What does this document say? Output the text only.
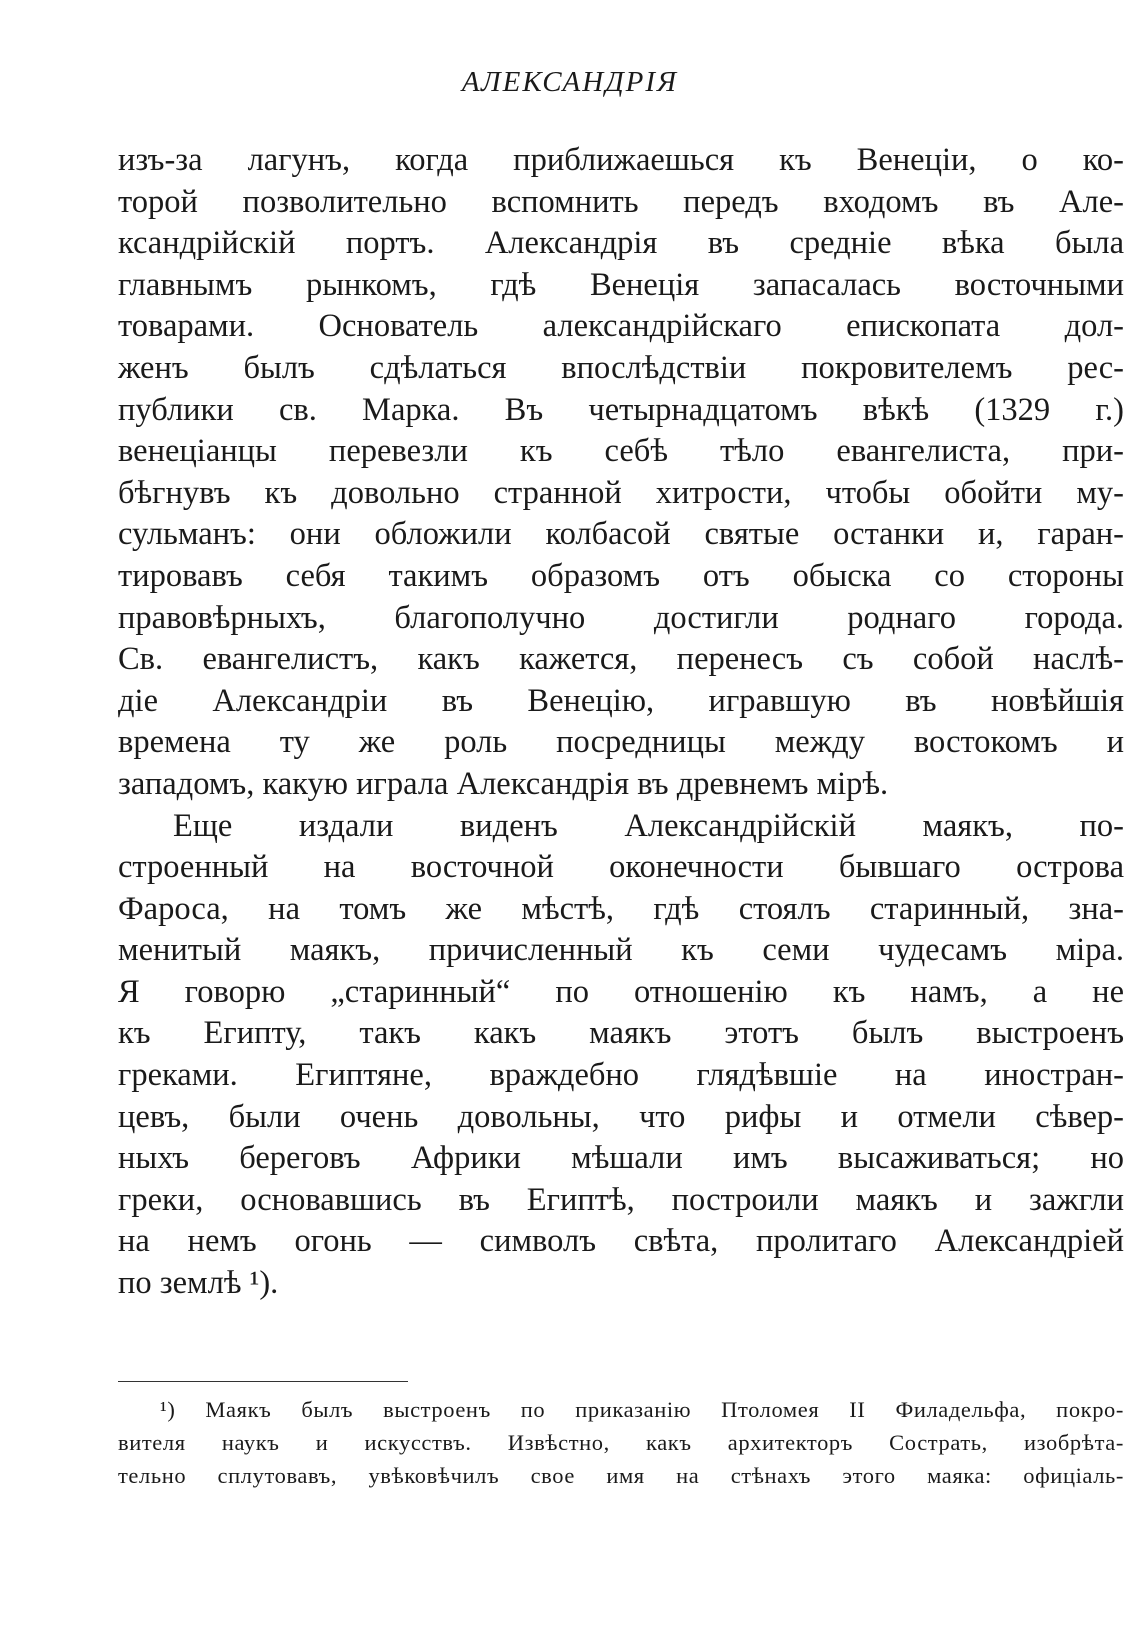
АЛЕКСАНДРІЯ
изъ-за лагунъ, когда приближаешься къ Венеціи, о ко-
торой позволительно вспомнить передъ входомъ въ Але-
ксандрійскій портъ. Александрія въ средніе вѣка была
главнымъ рынкомъ, гдѣ Венеція запасалась восточными
товарами. Основатель александрійскаго епископата дол-
женъ былъ сдѣлаться впослѣдствіи покровителемъ рес-
публики св. Марка. Въ четырнадцатомъ вѣкѣ (1329 г.)
венеціанцы перевезли къ себѣ тѣло евангелиста, при-
бѣгнувъ къ довольно странной хитрости, чтобы обойти му-
сульманъ: они обложили колбасой святые останки и, гаран-
тировавъ себя такимъ образомъ отъ обыска со стороны
правовѣрныхъ, благополучно достигли роднаго города.
Св. евангелистъ, какъ кажется, перенесъ съ собой наслѣ-
діе Александріи въ Венецію, игравшую въ новѣйшія
времена ту же роль посредницы между востокомъ и
западомъ, какую играла Александрія въ древнемъ мірѣ.
Еще издали виденъ Александрійскій маякъ, по-
строенный на восточной оконечности бывшаго острова
Фароса, на томъ же мѣстѣ, гдѣ стоялъ старинный, зна-
менитый маякъ, причисленный къ семи чудесамъ міра.
Я говорю „старинный“ по отношенію къ намъ, а не
къ Египту, такъ какъ маякъ этотъ былъ выстроенъ
греками. Египтяне, враждебно глядѣвшіе на иностран-
цевъ, были очень довольны, что рифы и отмели сѣвер-
ныхъ береговъ Африки мѣшали имъ высаживаться; но
греки, основавшись въ Египтѣ, построили маякъ и зажгли
на немъ огонь — символъ свѣта, пролитаго Александріей
по землѣ ¹).
¹) Маякъ былъ выстроенъ по приказанію Птоломея II Филадельфа, покро-
вителя наукъ и искусствъ. Извѣстно, какъ архитекторъ Сострать, изобрѣта-
тельно сплутовавъ, увѣковѣчилъ свое имя на стѣнахъ этого маяка: офиціаль-
